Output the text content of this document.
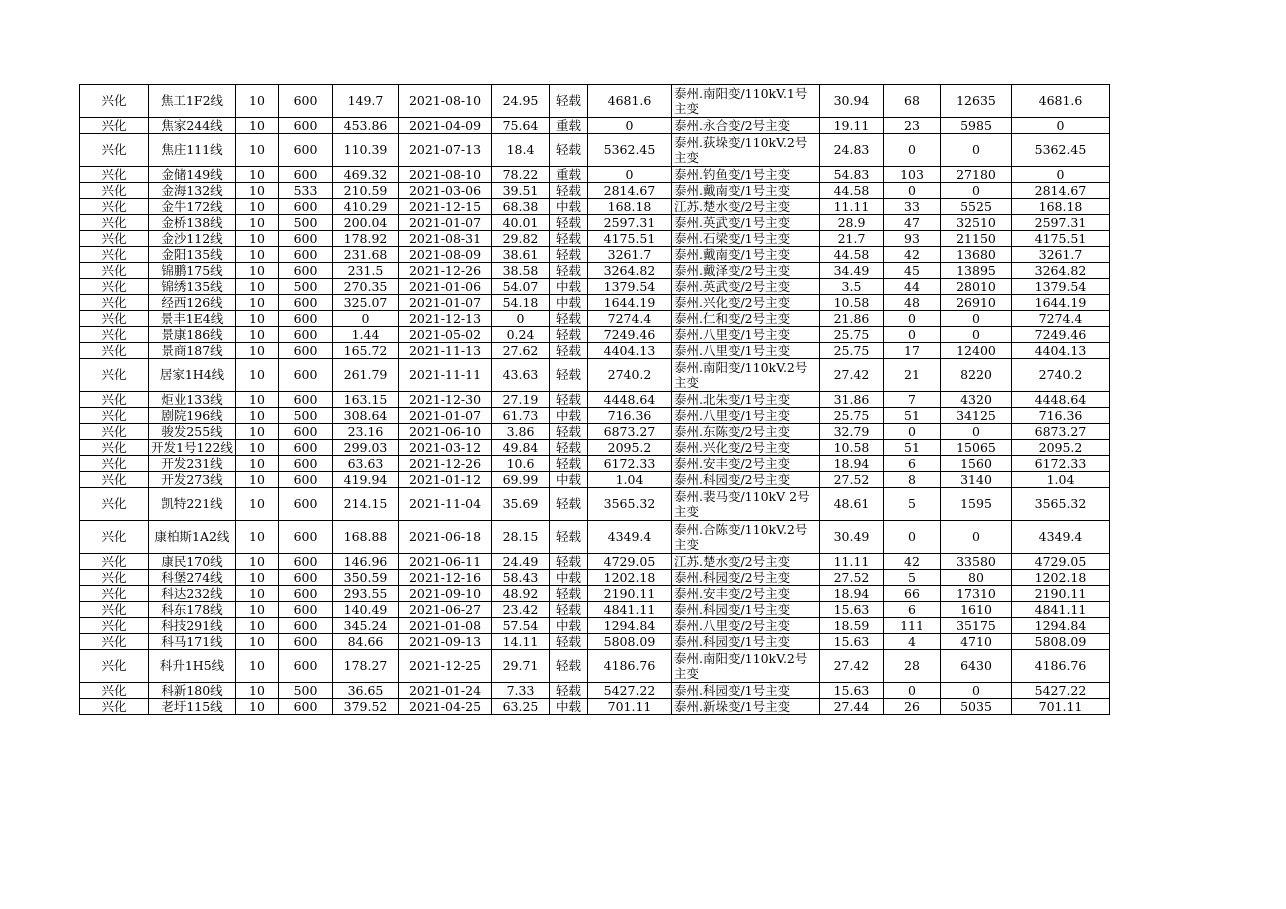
兴化	焦工1F2线	10	600	149.7	2021-08-10	24.95	轻载	4681.6	泰州.南阳变/110kV.1号主变	30.94	68	12635	4681.6
兴化	焦家244线	10	600	453.86	2021-04-09	75.64	重载	0	泰州.永合变/2号主变	19.11	23	5985	0
兴化	焦庄111线	10	600	110.39	2021-07-13	18.4	轻载	5362.45	泰州.荻垛变/110kV.2号主变	24.83	0	0	5362.45
兴化	金储149线	10	600	469.32	2021-08-10	78.22	重载	0	泰州.钓鱼变/1号主变	54.83	103	27180	0
兴化	金海132线	10	533	210.59	2021-03-06	39.51	轻载	2814.67	泰州.戴南变/1号主变	44.58	0	0	2814.67
兴化	金牛172线	10	600	410.29	2021-12-15	68.38	中载	168.18	江苏.楚水变/2号主变	11.11	33	5525	168.18
兴化	金桥138线	10	500	200.04	2021-01-07	40.01	轻载	2597.31	泰州.英武变/1号主变	28.9	47	32510	2597.31
兴化	金沙112线	10	600	178.92	2021-08-31	29.82	轻载	4175.51	泰州.石梁变/1号主变	21.7	93	21150	4175.51
兴化	金阳135线	10	600	231.68	2021-08-09	38.61	轻载	3261.7	泰州.戴南变/1号主变	44.58	42	13680	3261.7
兴化	锦鹏175线	10	600	231.5	2021-12-26	38.58	轻载	3264.82	泰州.戴泽变/2号主变	34.49	45	13895	3264.82
兴化	锦绣135线	10	500	270.35	2021-01-06	54.07	中载	1379.54	泰州.英武变/2号主变	3.5	44	28010	1379.54
兴化	经西126线	10	600	325.07	2021-01-07	54.18	中载	1644.19	泰州.兴化变/2号主变	10.58	48	26910	1644.19
兴化	景丰1E4线	10	600	0	2021-12-13	0	轻载	7274.4	泰州.仁和变/2号主变	21.86	0	0	7274.4
兴化	景康186线	10	600	1.44	2021-05-02	0.24	轻载	7249.46	泰州.八里变/1号主变	25.75	0	0	7249.46
兴化	景商187线	10	600	165.72	2021-11-13	27.62	轻载	4404.13	泰州.八里变/1号主变	25.75	17	12400	4404.13
兴化	居家1H4线	10	600	261.79	2021-11-11	43.63	轻载	2740.2	泰州.南阳变/110kV.2号主变	27.42	21	8220	2740.2
兴化	炬业133线	10	600	163.15	2021-12-30	27.19	轻载	4448.64	泰州.北朱变/1号主变	31.86	7	4320	4448.64
兴化	剧院196线	10	500	308.64	2021-01-07	61.73	中载	716.36	泰州.八里变/1号主变	25.75	51	34125	716.36
兴化	骏发255线	10	600	23.16	2021-06-10	3.86	轻载	6873.27	泰州.东陈变/2号主变	32.79	0	0	6873.27
兴化	开发1号122线	10	600	299.03	2021-03-12	49.84	轻载	2095.2	泰州.兴化变/2号主变	10.58	51	15065	2095.2
兴化	开发231线	10	600	63.63	2021-12-26	10.6	轻载	6172.33	泰州.安丰变/2号主变	18.94	6	1560	6172.33
兴化	开发273线	10	600	419.94	2021-01-12	69.99	中载	1.04	泰州.科园变/2号主变	27.52	8	3140	1.04
兴化	凯特221线	10	600	214.15	2021-11-04	35.69	轻载	3565.32	泰州.裴马变/110kV 2号主变	48.61	5	1595	3565.32
兴化	康柏斯1A2线	10	600	168.88	2021-06-18	28.15	轻载	4349.4	泰州.合陈变/110kV.2号主变	30.49	0	0	4349.4
兴化	康民170线	10	600	146.96	2021-06-11	24.49	轻载	4729.05	江苏.楚水变/2号主变	11.11	42	33580	4729.05
兴化	科堡274线	10	600	350.59	2021-12-16	58.43	中载	1202.18	泰州.科园变/2号主变	27.52	5	80	1202.18
兴化	科达232线	10	600	293.55	2021-09-10	48.92	轻载	2190.11	泰州.安丰变/2号主变	18.94	66	17310	2190.11
兴化	科东178线	10	600	140.49	2021-06-27	23.42	轻载	4841.11	泰州.科园变/1号主变	15.63	6	1610	4841.11
兴化	科技291线	10	600	345.24	2021-01-08	57.54	中载	1294.84	泰州.八里变/2号主变	18.59	111	35175	1294.84
兴化	科马171线	10	600	84.66	2021-09-13	14.11	轻载	5808.09	泰州.科园变/1号主变	15.63	4	4710	5808.09
兴化	科升1H5线	10	600	178.27	2021-12-25	29.71	轻载	4186.76	泰州.南阳变/110kV.2号主变	27.42	28	6430	4186.76
兴化	科新180线	10	500	36.65	2021-01-24	7.33	轻载	5427.22	泰州.科园变/1号主变	15.63	0	0	5427.22
兴化	老圩115线	10	600	379.52	2021-04-25	63.25	中载	701.11	泰州.新垛变/1号主变	27.44	26	5035	701.11
